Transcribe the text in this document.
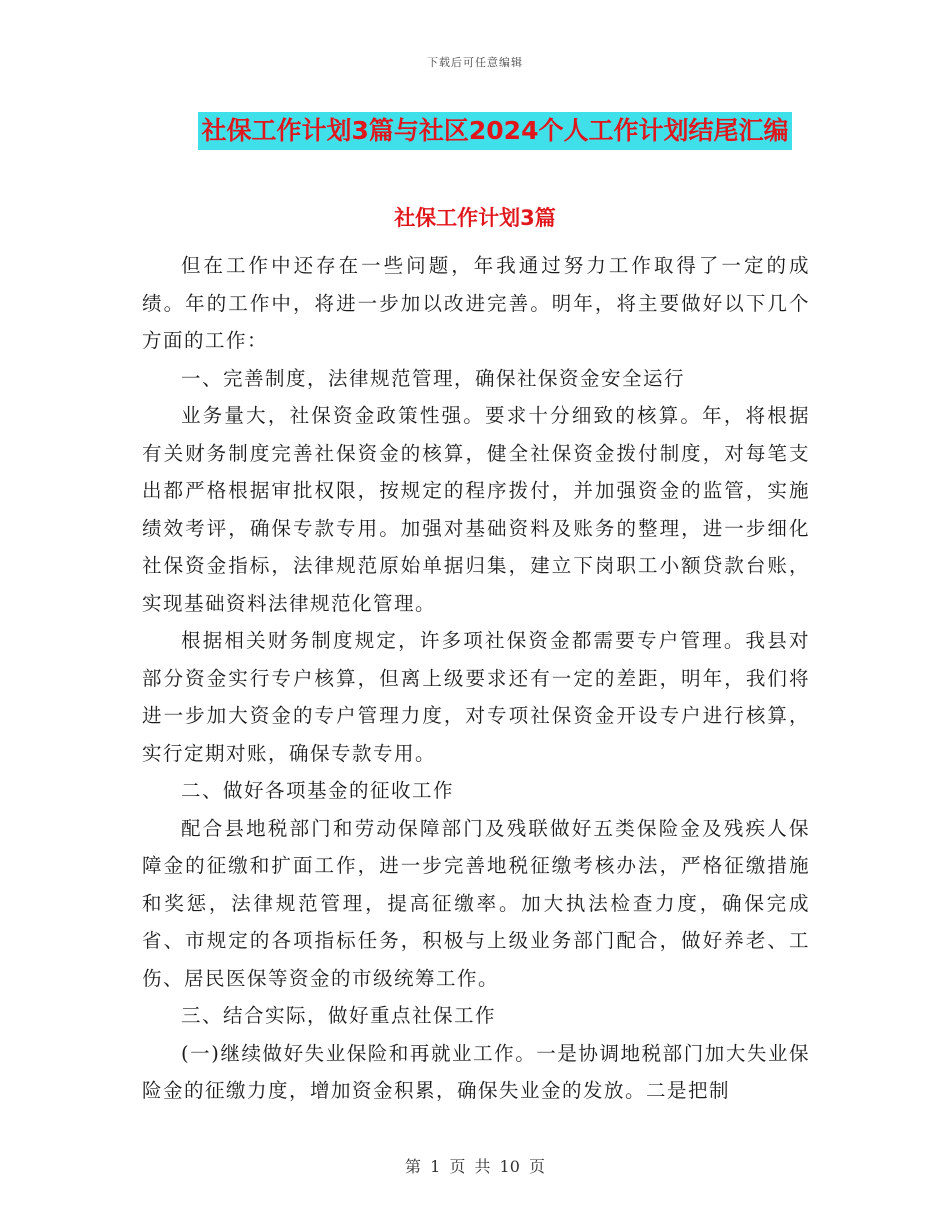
下载后可任意编辑
社保工作计划3篇与社区2024个人工作计划结尾汇编
社保工作计划3篇

但在工作中还存在一些问题，年我通过努力工作取得了一定的成绩。年的工作中，将进一步加以改进完善。明年，将主要做好以下几个方面的工作：

一、完善制度，法律规范管理，确保社保资金安全运行

业务量大，社保资金政策性强。要求十分细致的核算。年，将根据有关财务制度完善社保资金的核算，健全社保资金拨付制度，对每笔支出都严格根据审批权限，按规定的程序拨付，并加强资金的监管，实施绩效考评，确保专款专用。加强对基础资料及账务的整理，进一步细化社保资金指标，法律规范原始单据归集，建立下岗职工小额贷款台账，实现基础资料法律规范化管理。

根据相关财务制度规定，许多项社保资金都需要专户管理。我县对部分资金实行专户核算，但离上级要求还有一定的差距，明年，我们将进一步加大资金的专户管理力度，对专项社保资金开设专户进行核算，实行定期对账，确保专款专用。

二、做好各项基金的征收工作

配合县地税部门和劳动保障部门及残联做好五类保险金及残疾人保障金的征缴和扩面工作，进一步完善地税征缴考核办法，严格征缴措施和奖惩，法律规范管理，提高征缴率。加大执法检查力度，确保完成省、市规定的各项指标任务，积极与上级业务部门配合，做好养老、工伤、居民医保等资金的市级统筹工作。

三、结合实际，做好重点社保工作

(一)继续做好失业保险和再就业工作。一是协调地税部门加大失业保险金的征缴力度，增加资金积累，确保失业金的发放。二是把制

第 1 页 共 10 页
